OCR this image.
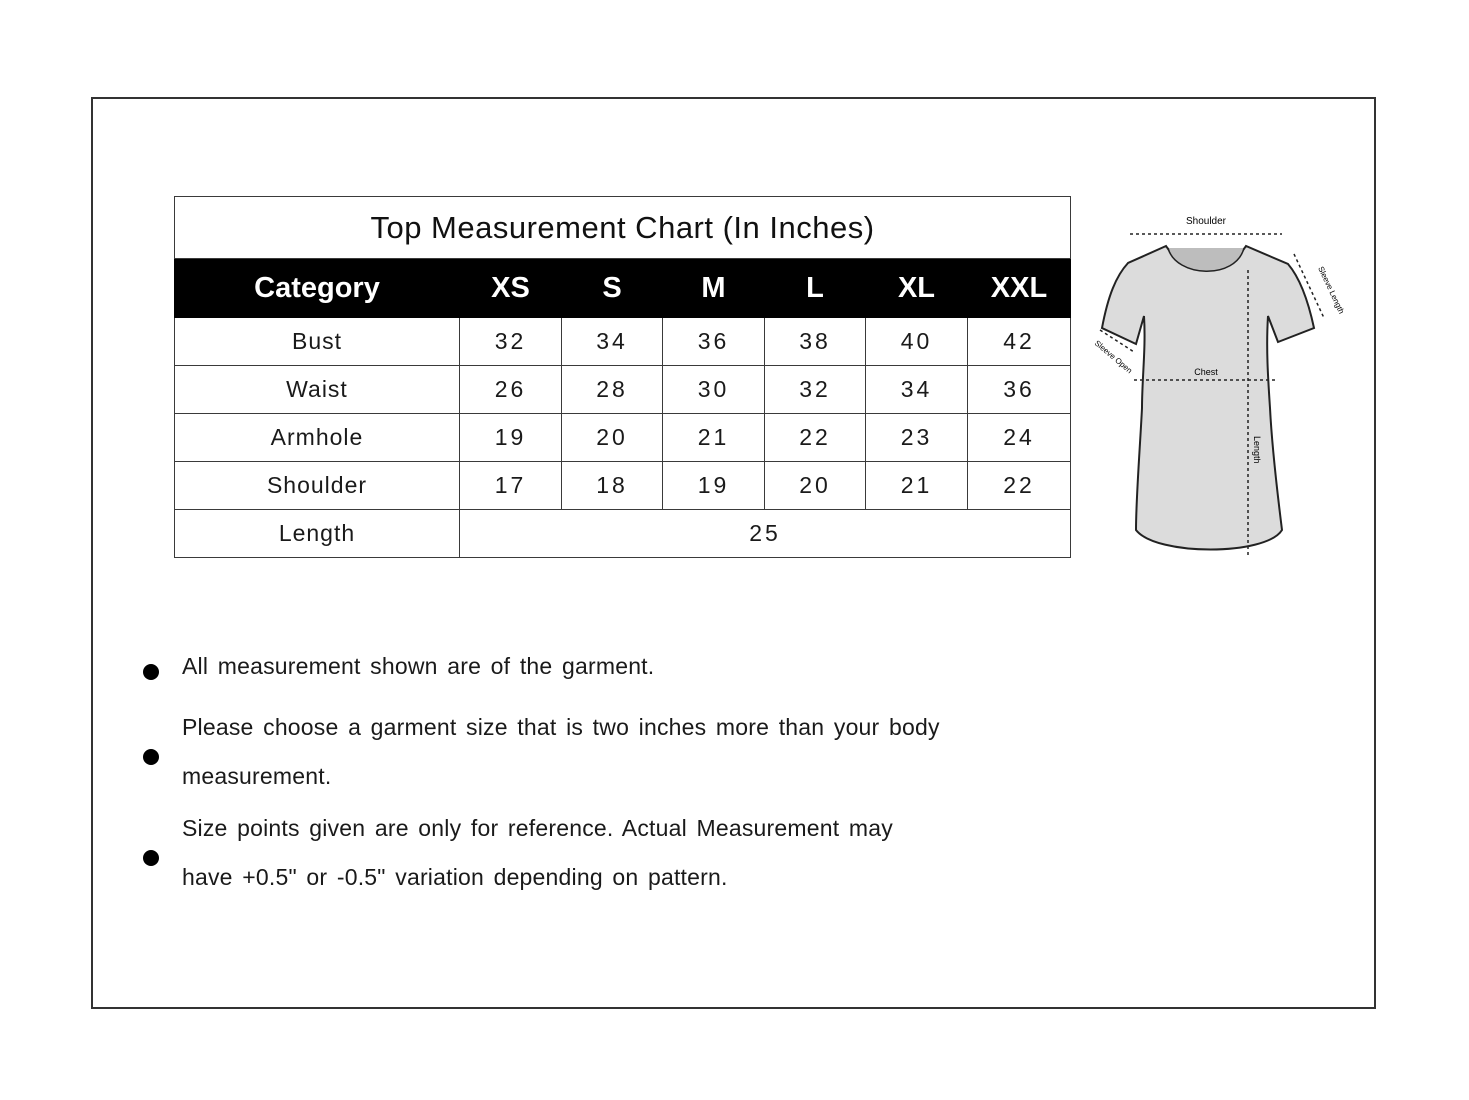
Top Measurement Chart (In Inches)						
Category	XS	S	M	L	XL	XXL
Bust	32	34	36	38	40	42
Waist	26	28	30	32	34	36
Armhole	19	20	21	22	23	24
Shoulder	17	18	19	20	21	22
Length	25					
Shoulder
Sleeve Length
Sleeve Open	Chest
Length
All measurement shown are of the garment.
Please choose a garment size that is two inches more than your body
measurement.
Size points given are only for reference. Actual Measurement may
have +0.5" or -0.5" variation depending on pattern.
